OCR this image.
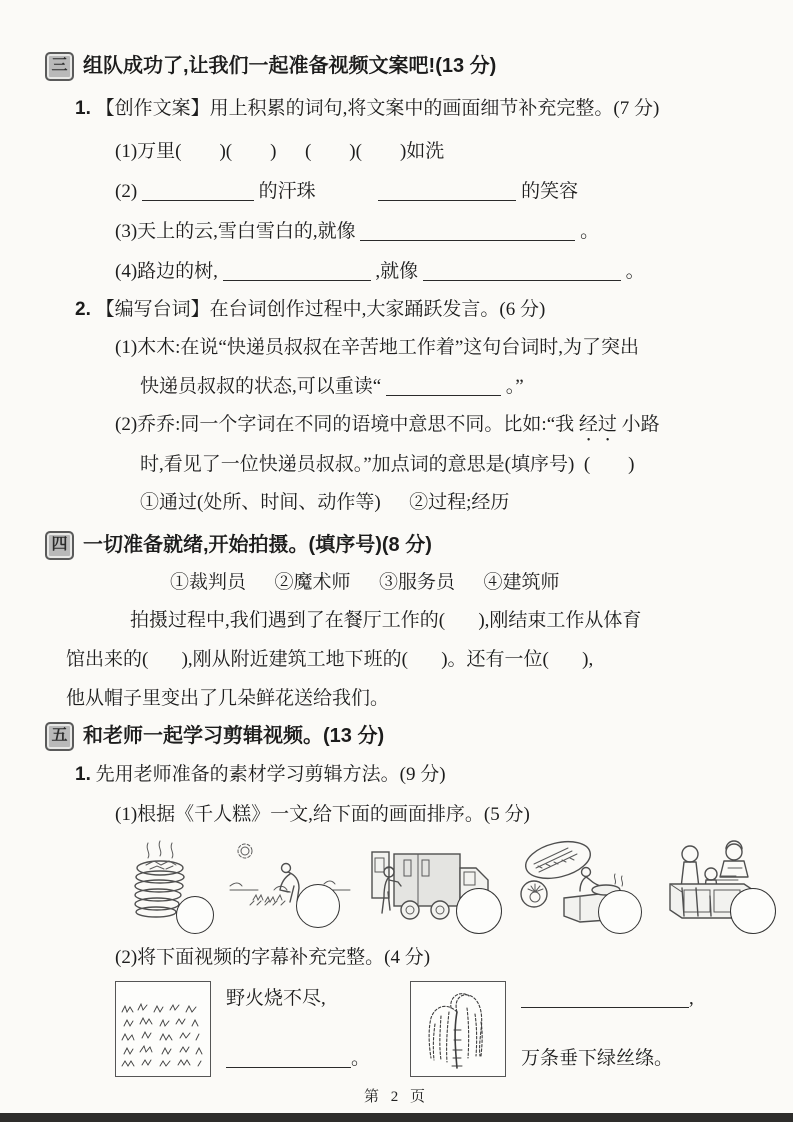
三 组队成功了,让我们一起准备视频文案吧!(13 分)
1. 【创作文案】用上积累的词句,将文案中的画面细节补充完整。(7 分)
(1)万里(        )(        )      (        )(        )如洗
(2)	的汗珠	的笑容
(3)天上的云,雪白雪白的,就像	。
(4)路边的树,	,就像	。
2. 【编写台词】在台词创作过程中,大家踊跃发言。(6 分)
(1)木木:在说“快递员叔叔在辛苦地工作着”这句台词时,为了突出
快递员叔叔的状态,可以重读“	。”
(2)乔乔:同一个字词在不同的语境中意思不同。比如:“我 经过 小路
时,看见了一位快递员叔叔。”加点词的意思是(填序号)  (        )
①通过(处所、时间、动作等)      ②过程;经历
四 一切准备就绪,开始拍摄。(填序号)(8 分)
①裁判员      ②魔术师      ③服务员      ④建筑师
拍摄过程中,我们遇到了在餐厅工作的(       ),刚结束工作从体育
馆出来的(       ),刚从附近建筑工地下班的(       )。还有一位(       ),
他从帽子里变出了几朵鲜花送给我们。
五 和老师一起学习剪辑视频。(13 分)
1. 先用老师准备的素材学习剪辑方法。(9 分)
(1)根据《千人糕》一文,给下面的画面排序。(5 分)
(2)将下面视频的字幕补充完整。(4 分)
野火烧不尽,
。
,
万条垂下绿丝绦。
第 2 页
